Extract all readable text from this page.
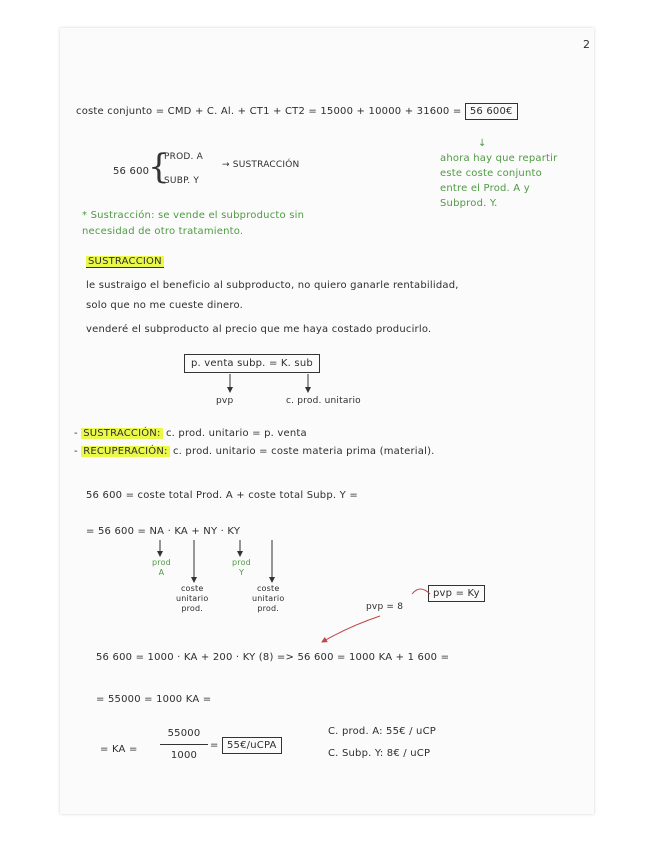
2
coste conjunto = CMD + C. Al. + CT1 + CT2 = 15000 + 10000 + 31600 = 56 600€
↓
ahora hay que repartir
este coste conjunto
entre el Prod. A y
Subprod. Y.
56 600
{
PROD. A
SUBP. Y
→ SUSTRACCIÓN
* Sustracción: se vende el subproducto sin
necesidad de otro tratamiento.
SUSTRACCION
le sustraigo el beneficio al subproducto, no quiero ganarle rentabilidad,
solo que no me cueste dinero.
venderé el subproducto al precio que me haya costado producirlo.
p. venta subp. = K. sub
pvp	c. prod. unitario
- SUSTRACCIÓN: c. prod. unitario = p. venta
- RECUPERACIÓN: c. prod. unitario = coste materia prima (material).
56 600 = coste total Prod. A + coste total Subp. Y =
= 56 600 = NA · KA + NY · KY
prod
A
coste
unitario
prod.
prod
Y
coste
unitario
prod.	pvp = 8
pvp = Ky
56 600 = 1000 · KA + 200 · KY (8) => 56 600 = 1000 KA + 1 600 =
= 55000 = 1000 KA =
= KA =
55000
1000
= 55€/uCPA
C. prod. A: 55€ / uCP
C. Subp. Y: 8€ / uCP
